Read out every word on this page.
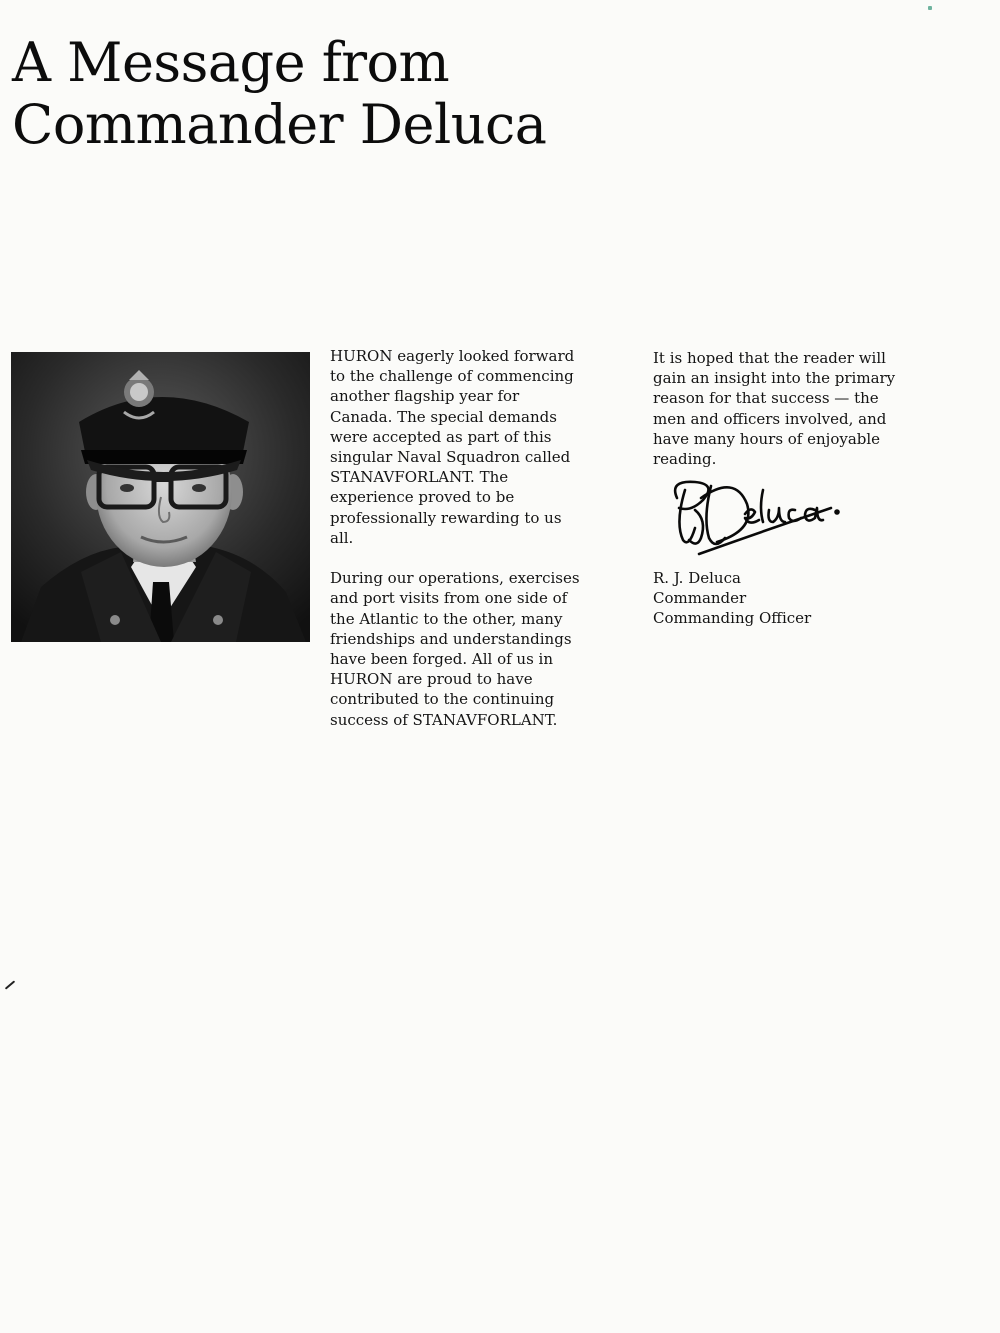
A Message from
Commander Deluca

HURON eagerly looked forward

to the challenge of commencing

another flagship year for

Canada. The special demands

were accepted as part of this

singular Naval Squadron called

STANAVFORLANT. The

experience proved to be

professionally rewarding to us

all.

During our operations, exercises

and port visits from one side of

the Atlantic to the other, many

friendships and understandings

have been forged. All of us in

HURON are proud to have

contributed to the continuing

success of STANAVFORLANT.

It is hoped that the reader will

gain an insight into the primary

reason for that success — the

men and officers involved, and

have many hours of enjoyable

reading.

R. J. Deluca

Commander

Commanding Officer
